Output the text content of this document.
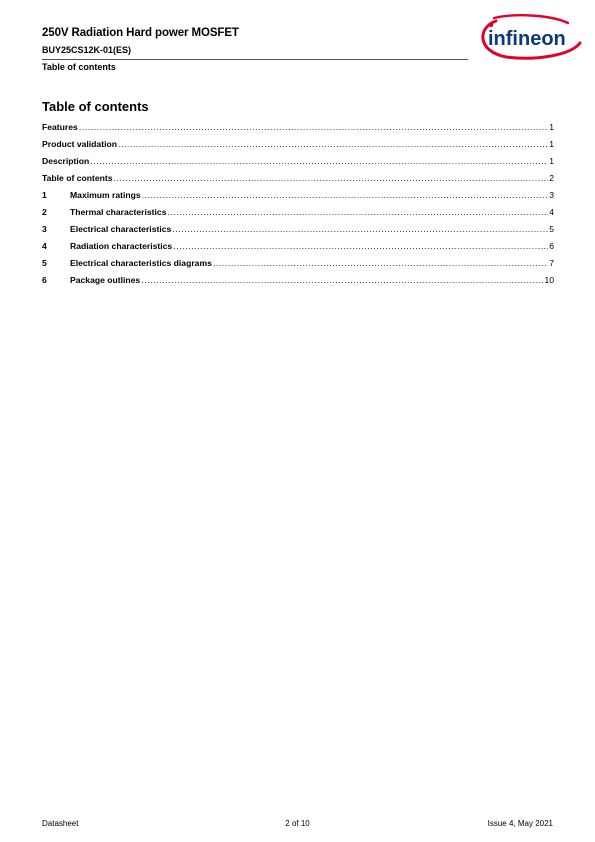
250V Radiation Hard power MOSFET
BUY25CS12K-01(ES)
Table of contents
infineon
Table of contents
Features .....	1
Product validation .....	1
Description .....	1
Table of contents .....	2
1	Maximum ratings .....	3
2	Thermal characteristics .....	4
3	Electrical characteristics .....	5
4	Radiation characteristics .....	6
5	Electrical characteristics diagrams .....	7
6	Package outlines .....	10
Datasheet	2 of 10	Issue 4, May 2021
